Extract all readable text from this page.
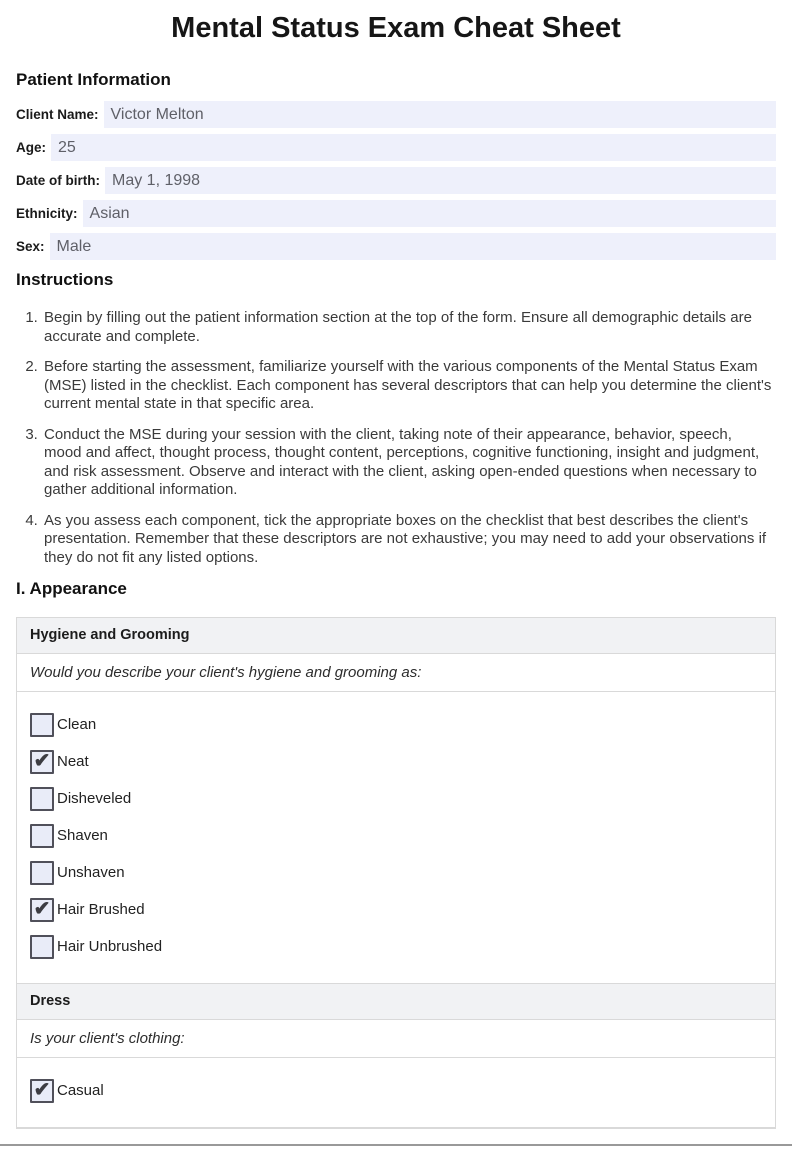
Mental Status Exam Cheat Sheet
Patient Information
Client Name: Victor Melton
Age: 25
Date of birth: May 1, 1998
Ethnicity: Asian
Sex: Male
Instructions
1. Begin by filling out the patient information section at the top of the form. Ensure all demographic details are accurate and complete.
2. Before starting the assessment, familiarize yourself with the various components of the Mental Status Exam (MSE) listed in the checklist. Each component has several descriptors that can help you determine the client's current mental state in that specific area.
3. Conduct the MSE during your session with the client, taking note of their appearance, behavior, speech, mood and affect, thought process, thought content, perceptions, cognitive functioning, insight and judgment, and risk assessment. Observe and interact with the client, asking open-ended questions when necessary to gather additional information.
4. As you assess each component, tick the appropriate boxes on the checklist that best describes the client's presentation. Remember that these descriptors are not exhaustive; you may need to add your observations if they do not fit any listed options.
I. Appearance
Hygiene and Grooming
Would you describe your client's hygiene and grooming as:
Clean
✔ Neat
Disheveled
Shaven
Unshaven
✔ Hair Brushed
Hair Unbrushed
Dress
Is your client's clothing:
✔ Casual
